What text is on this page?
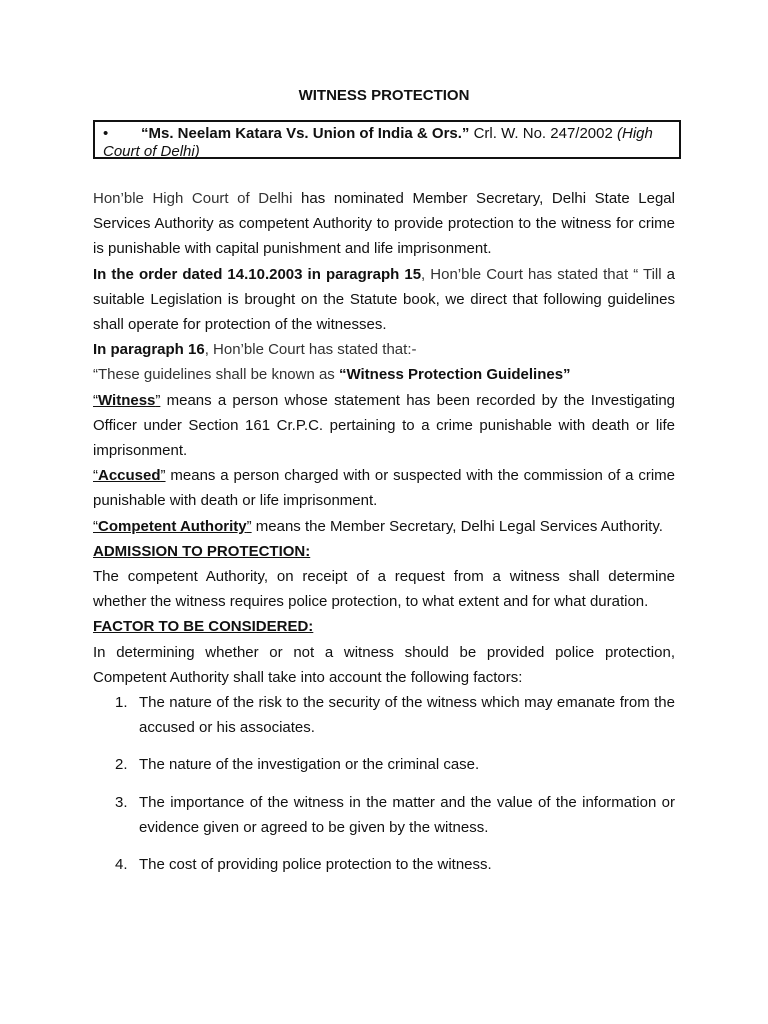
WITNESS PROTECTION
• “Ms. Neelam Katara Vs. Union of India & Ors.” Crl. W. No. 247/2002 (High Court of Delhi)

Hon’ble High Court of Delhi has nominated Member Secretary, Delhi State Legal Services Authority as competent Authority to provide protection to the witness for crime is punishable with capital punishment and life imprisonment.

In the order dated 14.10.2003 in paragraph 15, Hon’ble Court has stated that “ Till a suitable Legislation is brought on the Statute book, we direct that following guidelines shall operate for protection of the witnesses.

In paragraph 16, Hon’ble Court has stated that:-

“These guidelines shall be known as “Witness Protection Guidelines”

“Witness” means a person whose statement has been recorded by the Investigating Officer under Section 161 Cr.P.C. pertaining to a crime punishable with death or life imprisonment.

“Accused” means a person charged with or suspected with the commission of a crime punishable with death or life imprisonment.

“Competent Authority” means the Member Secretary, Delhi Legal Services Authority.

ADMISSION TO PROTECTION:

The competent Authority, on receipt of a request from a witness shall determine whether the witness requires police protection, to what extent and for what duration.

FACTOR TO BE CONSIDERED:

In determining whether or not a witness should be provided police protection, Competent Authority shall take into account the following factors:

1. The nature of the risk to the security of the witness which may emanate from the accused or his associates.
2. The nature of the investigation or the criminal case.
3. The importance of the witness in the matter and the value of the information or evidence given or agreed to be given by the witness.
4. The cost of providing police protection to the witness.
